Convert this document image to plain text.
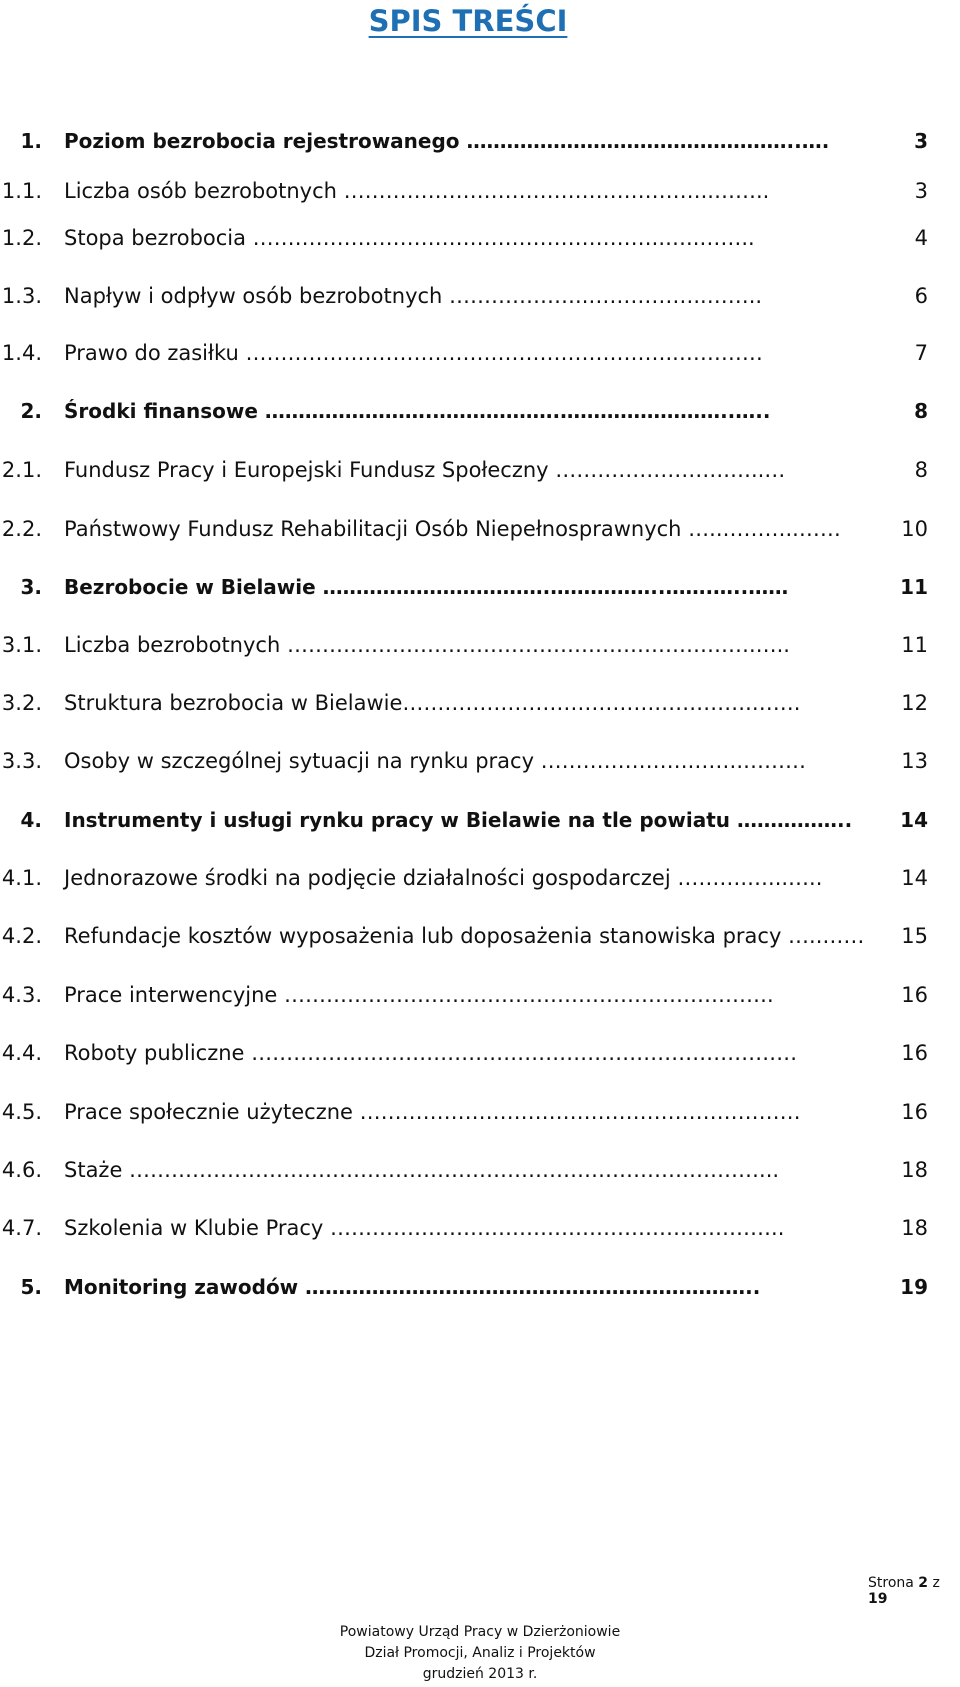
SPIS TREŚCI
1. Poziom bezrobocia rejestrowanego …………………………………………..….	3
1.1. Liczba osób bezrobotnych ……………………………………………..……..	3
1.2. Stopa bezrobocia …………………………………………………..…..……..	4
1.3. Napływ i odpływ osób bezrobotnych ………………..……………..……..	6
1.4. Prawo do zasiłku ……………………………………………………..…………	7
2. Środki finansowe …………………….……………….……………………..…..	8
2.1. Fundusz Pracy i Europejski Fundusz Społeczny …………………….…..…	8
2.2. Państwowy Fundusz Rehabilitacji Osób Niepełnosprawnych …..………..……	10
3. Bezrobocie w Bielawie …………………………….……………..…….…..……	11
3.1. Liczba bezrobotnych ………………………………………………………….…..	11
3.2. Struktura bezrobocia w Bielawie……………………………….………….…….	12
3.3. Osoby w szczególnej sytuacji na rynku pracy ………………….…….………	13
4. Instrumenty i usługi rynku pracy w Bielawie na tle powiatu ……………..	14
4.1. Jednorazowe środki na podjęcie działalności gospodarczej ……….…...…..	14
4.2. Refundacje kosztów wyposażenia lub doposażenia stanowiska pracy …..……	15
4.3. Prace interwencyjne …………………………………………………………….	16
4.4. Roboty publiczne ……………………………………………………………………	16
4.5. Prace społecznie użyteczne ………………………………………………………	16
4.6. Staże ………………………………………………………………………………...	18
4.7. Szkolenia w Klubie Pracy ………………………………………………………..	18
5. Monitoring zawodów …………………………………………………………..	19
Strona 2 z 19
Powiatowy Urząd Pracy w Dzierżoniowie
Dział Promocji, Analiz i Projektów
grudzień 2013 r.
